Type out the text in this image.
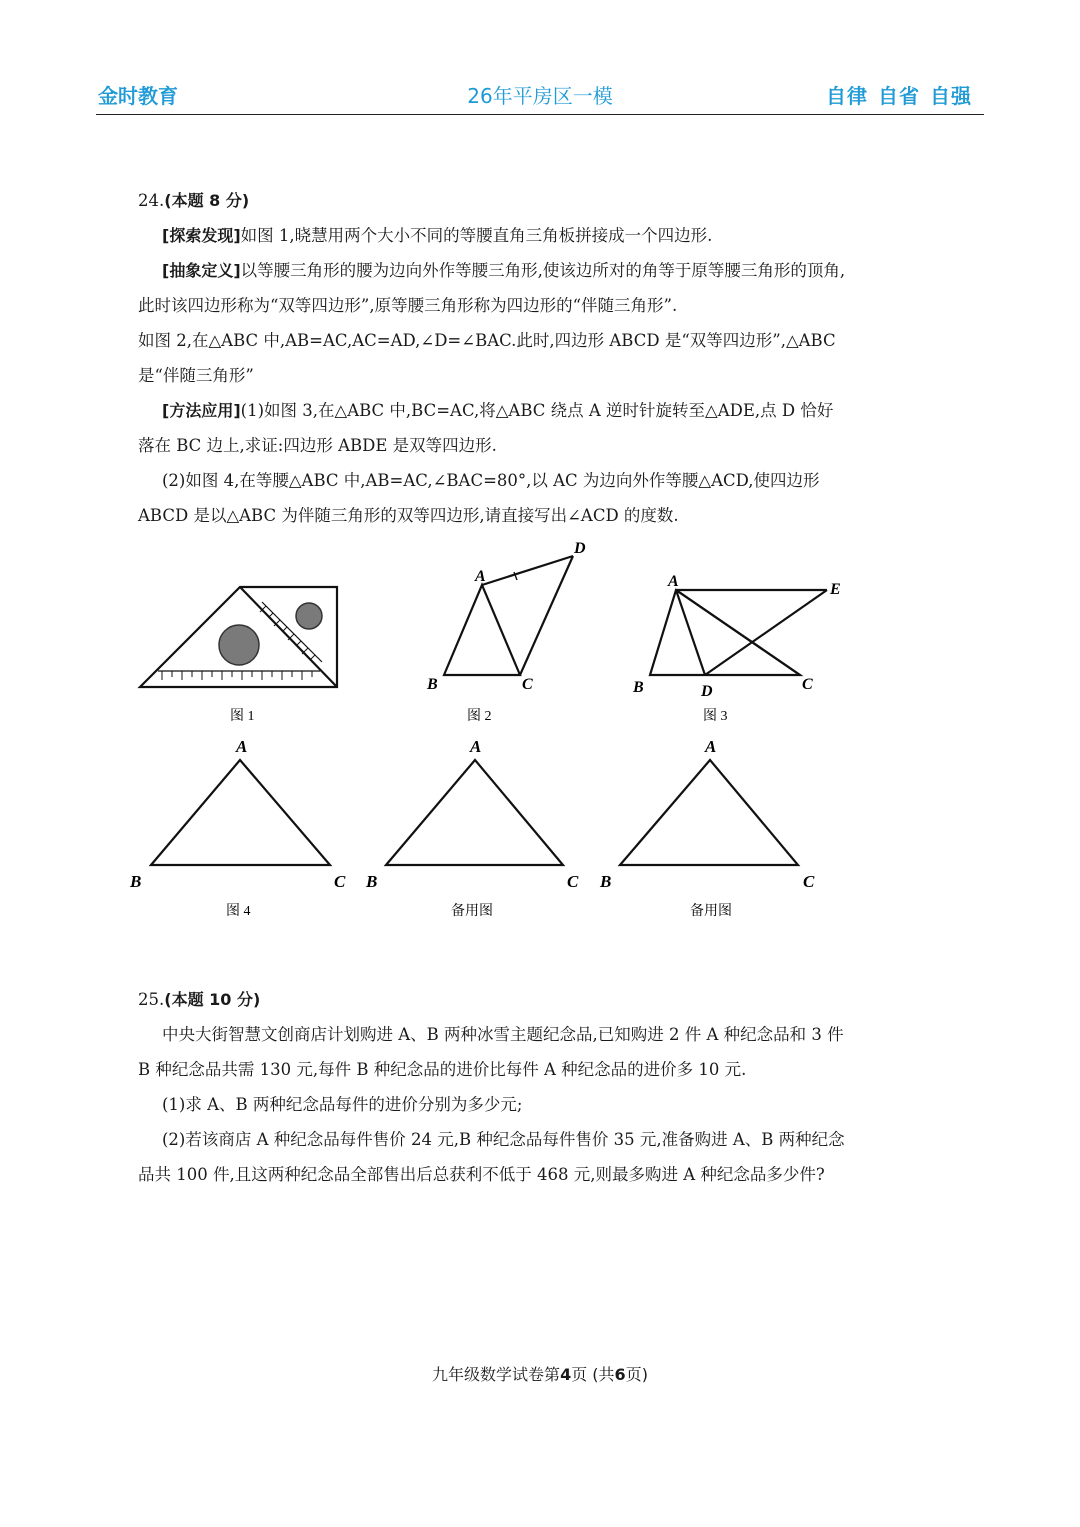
金时教育	26年平房区一模	自律 自省 自强

24.(本题 8 分)

[探索发现]如图 1,晓慧用两个大小不同的等腰直角三角板拼接成一个四边形.

[抽象定义]以等腰三角形的腰为边向外作等腰三角形,使该边所对的角等于原等腰三角形的顶角,此时该四边形称为“双等四边形”,原等腰三角形称为四边形的“伴随三角形”.

如图 2,在△ABC 中,AB=AC,AC=AD,∠D=∠BAC.此时,四边形 ABCD 是“双等四边形”,△ABC 是“伴随三角形”

[方法应用](1)如图 3,在△ABC 中,BC=AC,将△ABC 绕点 A 逆时针旋转至△ADE,点 D 恰好落在 BC 边上,求证:四边形 ABDE 是双等四边形.

(2)如图 4,在等腰△ABC 中,AB=AC,∠BAC=80°,以 AC 为边向外作等腰△ACD,使四边形 ABCD 是以△ABC 为伴随三角形的双等四边形,请直接写出∠ACD 的度数.

A
D
B	C
A	E
B	D	C
A
B	C
A
B	C
A
B	C
图 1	图 2	图 3
图 4	备用图	备用图

25.(本题 10 分)

中央大街智慧文创商店计划购进 A、B 两种冰雪主题纪念品,已知购进 2 件 A 种纪念品和 3 件 B 种纪念品共需 130 元,每件 B 种纪念品的进价比每件 A 种纪念品的进价多 10 元.

(1)求 A、B 两种纪念品每件的进价分别为多少元;

(2)若该商店 A 种纪念品每件售价 24 元,B 种纪念品每件售价 35 元,准备购进 A、B 两种纪念品共 100 件,且这两种纪念品全部售出后总获利不低于 468 元,则最多购进 A 种纪念品多少件?

九年级数学试卷第4页 (共6页)
